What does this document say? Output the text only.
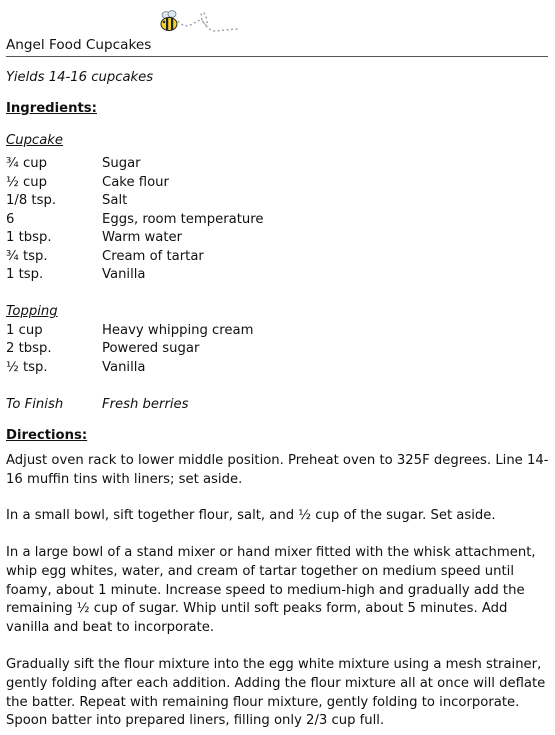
Angel Food Cupcakes
Yields 14-16 cupcakes
Ingredients:
Cupcake
¾ cup	Sugar
½ cup	Cake flour
1/8 tsp.	Salt
6	Eggs, room temperature
1 tbsp.	Warm water
¾ tsp.	Cream of tartar
1 tsp.	Vanilla
Topping
1 cup	Heavy whipping cream
2 tbsp.	Powered sugar
½ tsp.	Vanilla
To Finish	Fresh berries
Directions:
Adjust oven rack to lower middle position. Preheat oven to 325F degrees. Line 14-16 muffin tins with liners; set aside.
In a small bowl, sift together flour, salt, and ½ cup of the sugar. Set aside.
In a large bowl of a stand mixer or hand mixer fitted with the whisk attachment, whip egg whites, water, and cream of tartar together on medium speed until foamy, about 1 minute. Increase speed to medium-high and gradually add the remaining ½ cup of sugar. Whip until soft peaks form, about 5 minutes. Add vanilla and beat to incorporate.
Gradually sift the flour mixture into the egg white mixture using a mesh strainer, gently folding after each addition. Adding the flour mixture all at once will deflate the batter. Repeat with remaining flour mixture, gently folding to incorporate. Spoon batter into prepared liners, filling only 2/3 cup full.
